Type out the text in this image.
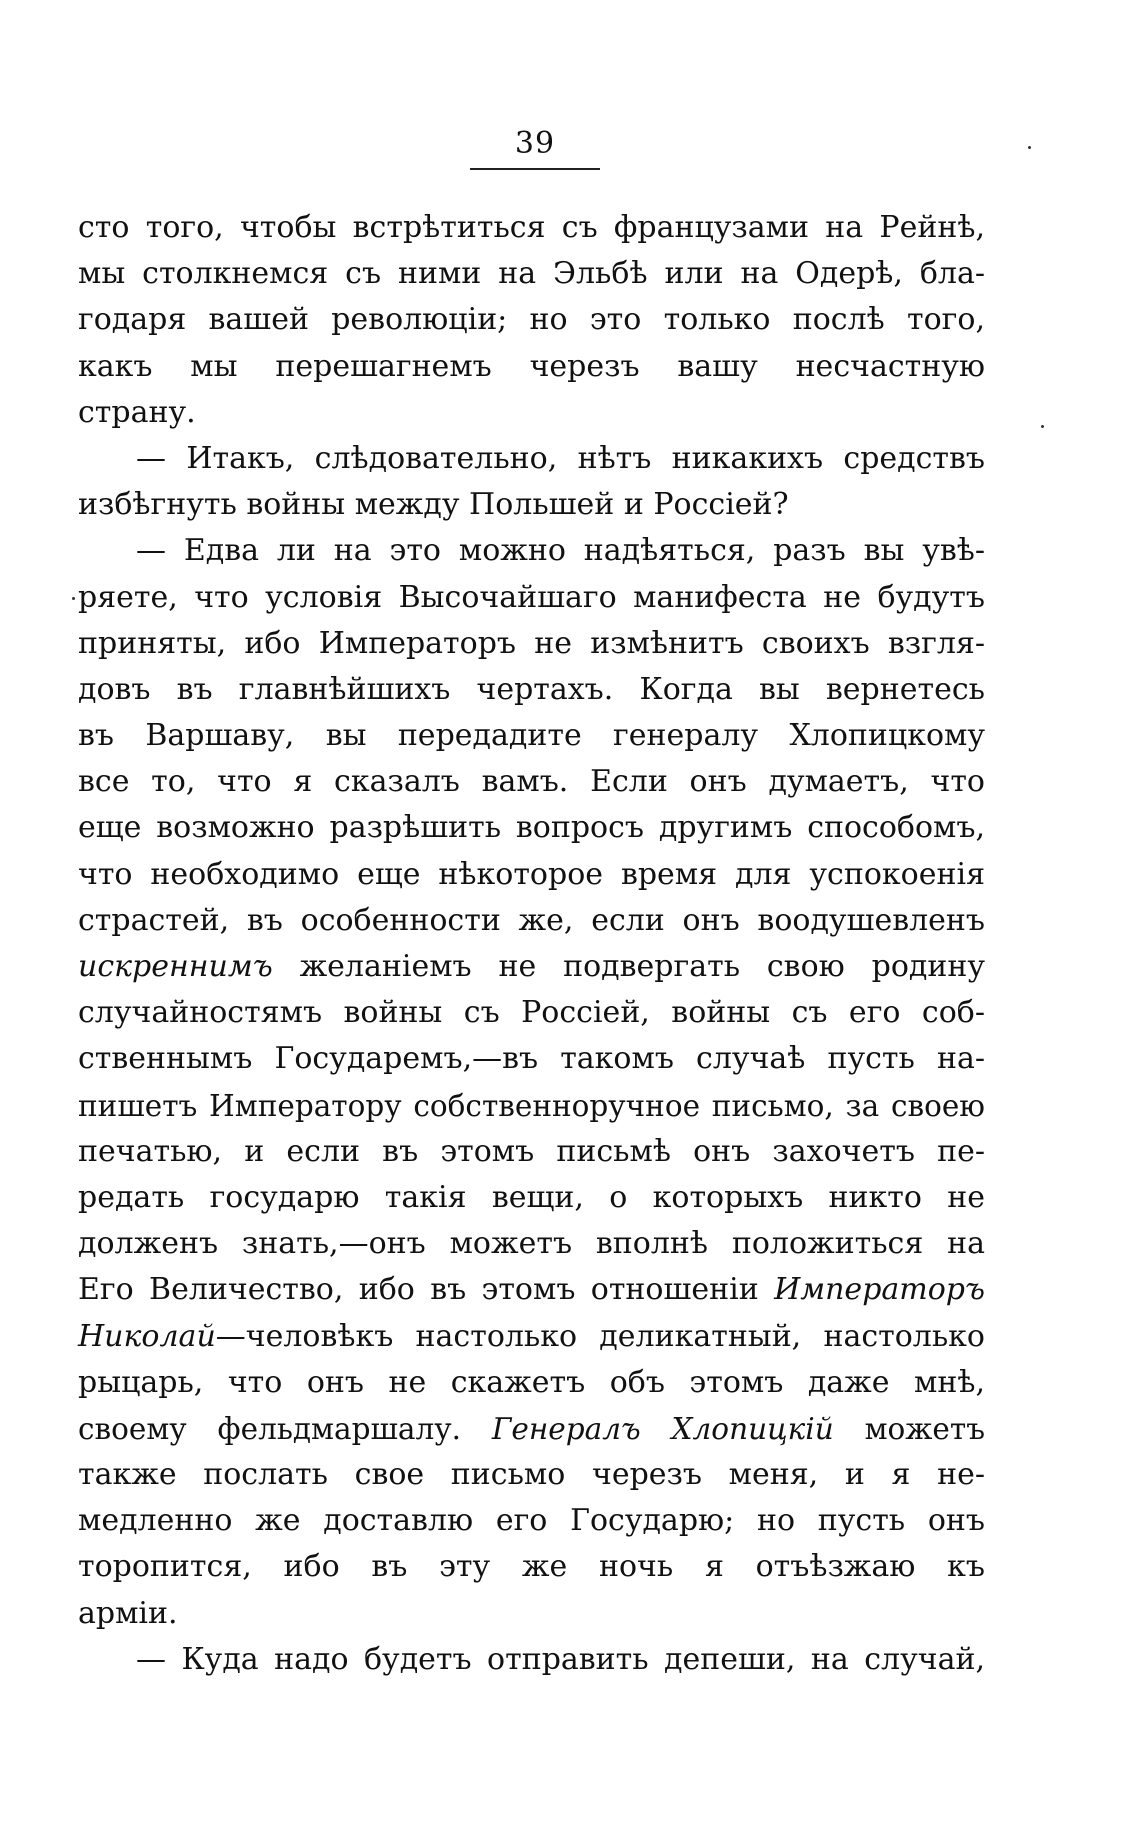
39
сто того, чтобы встрѣтиться съ французами на Рейнѣ,
мы столкнемся съ ними на Эльбѣ или на Одерѣ, бла-
годаря вашей революціи; но это только послѣ того,
какъ мы перешагнемъ черезъ вашу несчастную
страну.
— Итакъ, слѣдовательно, нѣтъ никакихъ средствъ
избѣгнуть войны между Польшей и Россіей?
— Едва ли на это можно надѣяться, разъ вы увѣ-
ряете, что условія Высочайшаго манифеста не будутъ
приняты, ибо Императоръ не измѣнитъ своихъ взгля-
довъ въ главнѣйшихъ чертахъ. Когда вы вернетесь
въ Варшаву, вы передадите генералу Хлопицкому
все то, что я сказалъ вамъ. Если онъ думаетъ, что
еще возможно разрѣшить вопросъ другимъ способомъ,
что необходимо еще нѣкоторое время для успокоенія
страстей, въ особенности же, если онъ воодушевленъ
искреннимъ желаніемъ не подвергать свою родину
случайностямъ войны съ Россіей, войны съ его соб-
ственнымъ Государемъ,—въ такомъ случаѣ пусть на-
пишетъ Императору собственноручное письмо, за своею
печатью, и если въ этомъ письмѣ онъ захочетъ пе-
редать государю такія вещи, о которыхъ никто не
долженъ знать,—онъ можетъ вполнѣ положиться на
Его Величество, ибо въ этомъ отношеніи Императоръ
Николай—человѣкъ настолько деликатный, настолько
рыцарь, что онъ не скажетъ объ этомъ даже мнѣ,
своему фельдмаршалу. Генералъ Хлопицкій можетъ
также послать свое письмо черезъ меня, и я не-
медленно же доставлю его Государю; но пусть онъ
торопится, ибо въ эту же ночь я отъѣзжаю къ
арміи.
— Куда надо будетъ отправить депеши, на случай,
